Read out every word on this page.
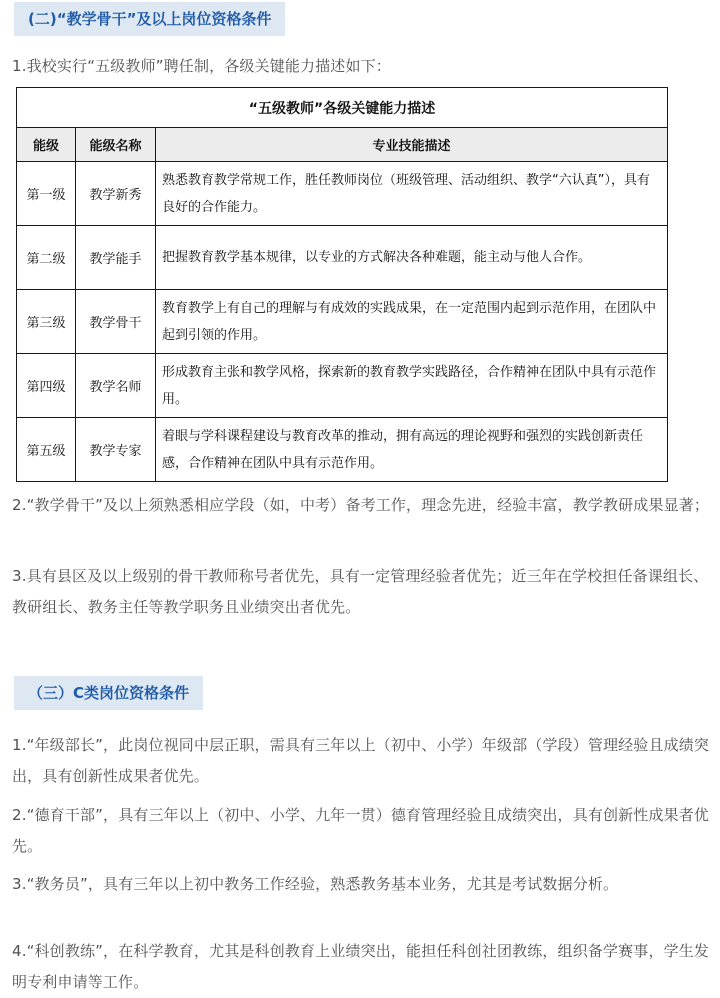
(二)“教学骨干”及以上岗位资格条件

1.我校实行“五级教师”聘任制，各级关键能力描述如下：

“五级教师”各级关键能力描述		
能级	能级名称	专业技能描述
第一级	教学新秀	熟悉教育教学常规工作，胜任教师岗位（班级管理、活动组织、教学“六认真”），具有良好的合作能力。
第二级	教学能手	把握教育教学基本规律，以专业的方式解决各种难题，能主动与他人合作。
第三级	教学骨干	教育教学上有自己的理解与有成效的实践成果，在一定范围内起到示范作用，在团队中起到引领的作用。
第四级	教学名师	形成教育主张和教学风格，探索新的教育教学实践路径，合作精神在团队中具有示范作用。
第五级	教学专家	着眼与学科课程建设与教育改革的推动，拥有高远的理论视野和强烈的实践创新责任感，合作精神在团队中具有示范作用。

2.“教学骨干”及以上须熟悉相应学段（如，中考）备考工作，理念先进，经验丰富，教学教研成果显著；

3.具有县区及以上级别的骨干教师称号者优先，具有一定管理经验者优先；近三年在学校担任备课组长、教研组长、教务主任等教学职务且业绩突出者优先。

（三）C类岗位资格条件

1.“年级部长”，此岗位视同中层正职，需具有三年以上（初中、小学）年级部（学段）管理经验且成绩突出，具有创新性成果者优先。

2.“德育干部”，具有三年以上（初中、小学、九年一贯）德育管理经验且成绩突出，具有创新性成果者优先。

3.“教务员”，具有三年以上初中教务工作经验，熟悉教务基本业务，尤其是考试数据分析。

4.“科创教练”，在科学教育，尤其是科创教育上业绩突出，能担任科创社团教练，组织备学赛事，学生发明专利申请等工作。
